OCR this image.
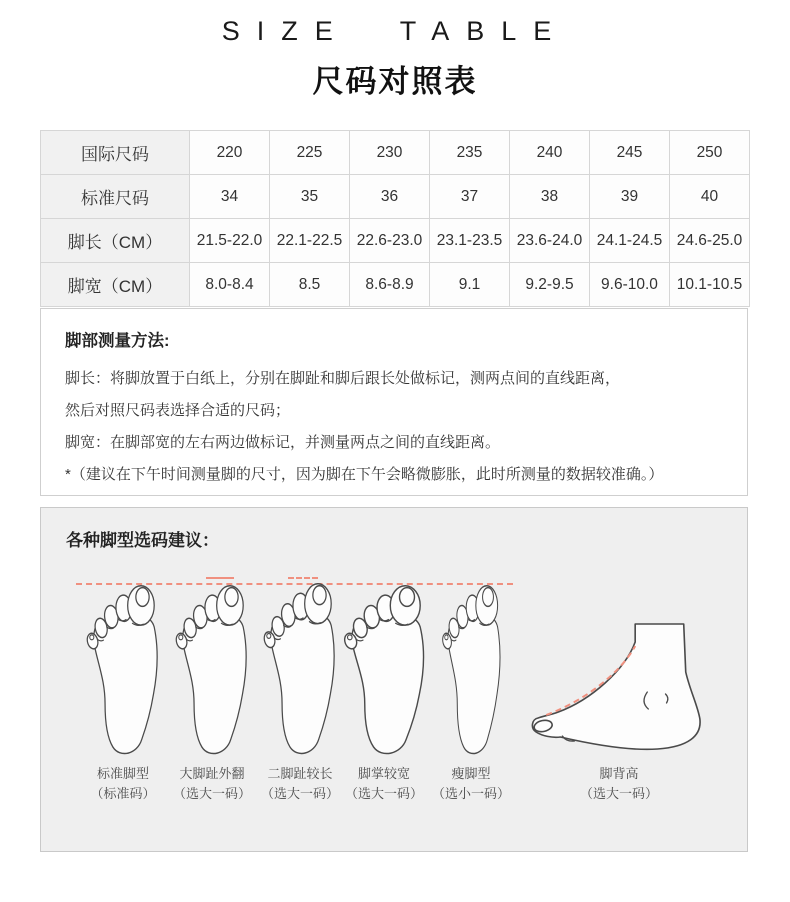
SIZE TABLE
尺码对照表
国际尺码	220	225	230	235	240	245	250
标准尺码	34	35	36	37	38	39	40
脚长（CM）	21.5-22.0	22.1-22.5	22.6-23.0	23.1-23.5	23.6-24.0	24.1-24.5	24.6-25.0
脚宽（CM）	8.0-8.4	8.5	8.6-8.9	9.1	9.2-9.5	9.6-10.0	10.1-10.5
脚部测量方法:

脚长：将脚放置于白纸上，分别在脚趾和脚后跟长处做标记，测两点间的直线距离，

然后对照尺码表选择合适的尺码；

脚宽：在脚部宽的左右两边做标记，并测量两点之间的直线距离。

*（建议在下午时间测量脚的尺寸，因为脚在下午会略微膨胀，此时所测量的数据较准确。）

各种脚型选码建议：
标准脚型
（标准码）
大脚趾外翻
（选大一码）
二脚趾较长
（选大一码）
脚掌较宽
（选大一码）
瘦脚型
（选小一码）
脚背高
（选大一码）
